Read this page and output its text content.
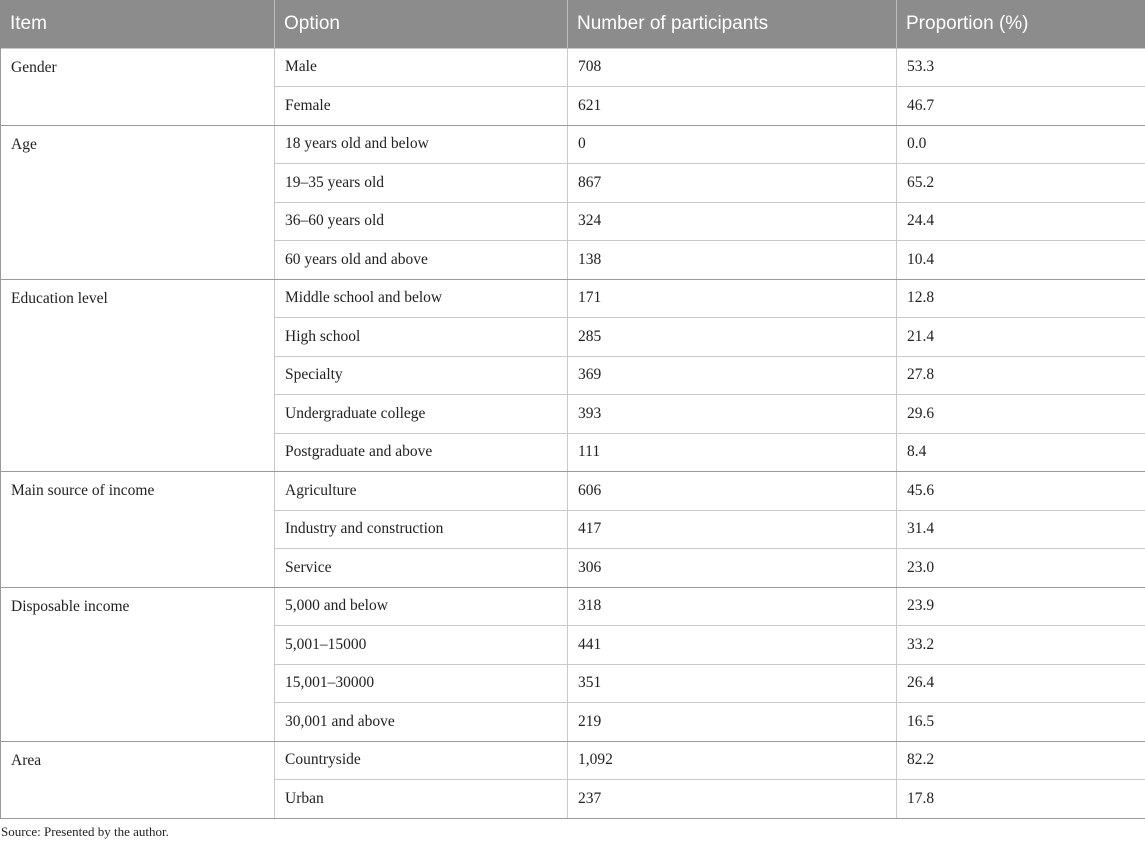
Item	Option	Number of participants	Proportion (%)
Gender	Male	708	53.3
	Female	621	46.7
Age	18 years old and below	0	0.0
	19–35 years old	867	65.2
	36–60 years old	324	24.4
	60 years old and above	138	10.4
Education level	Middle school and below	171	12.8
	High school	285	21.4
	Specialty	369	27.8
	Undergraduate college	393	29.6
	Postgraduate and above	111	8.4
Main source of income	Agriculture	606	45.6
	Industry and construction	417	31.4
	Service	306	23.0
Disposable income	5,000 and below	318	23.9
	5,001–15000	441	33.2
	15,001–30000	351	26.4
	30,001 and above	219	16.5
Area	Countryside	1,092	82.2
	Urban	237	17.8
Source: Presented by the author.
